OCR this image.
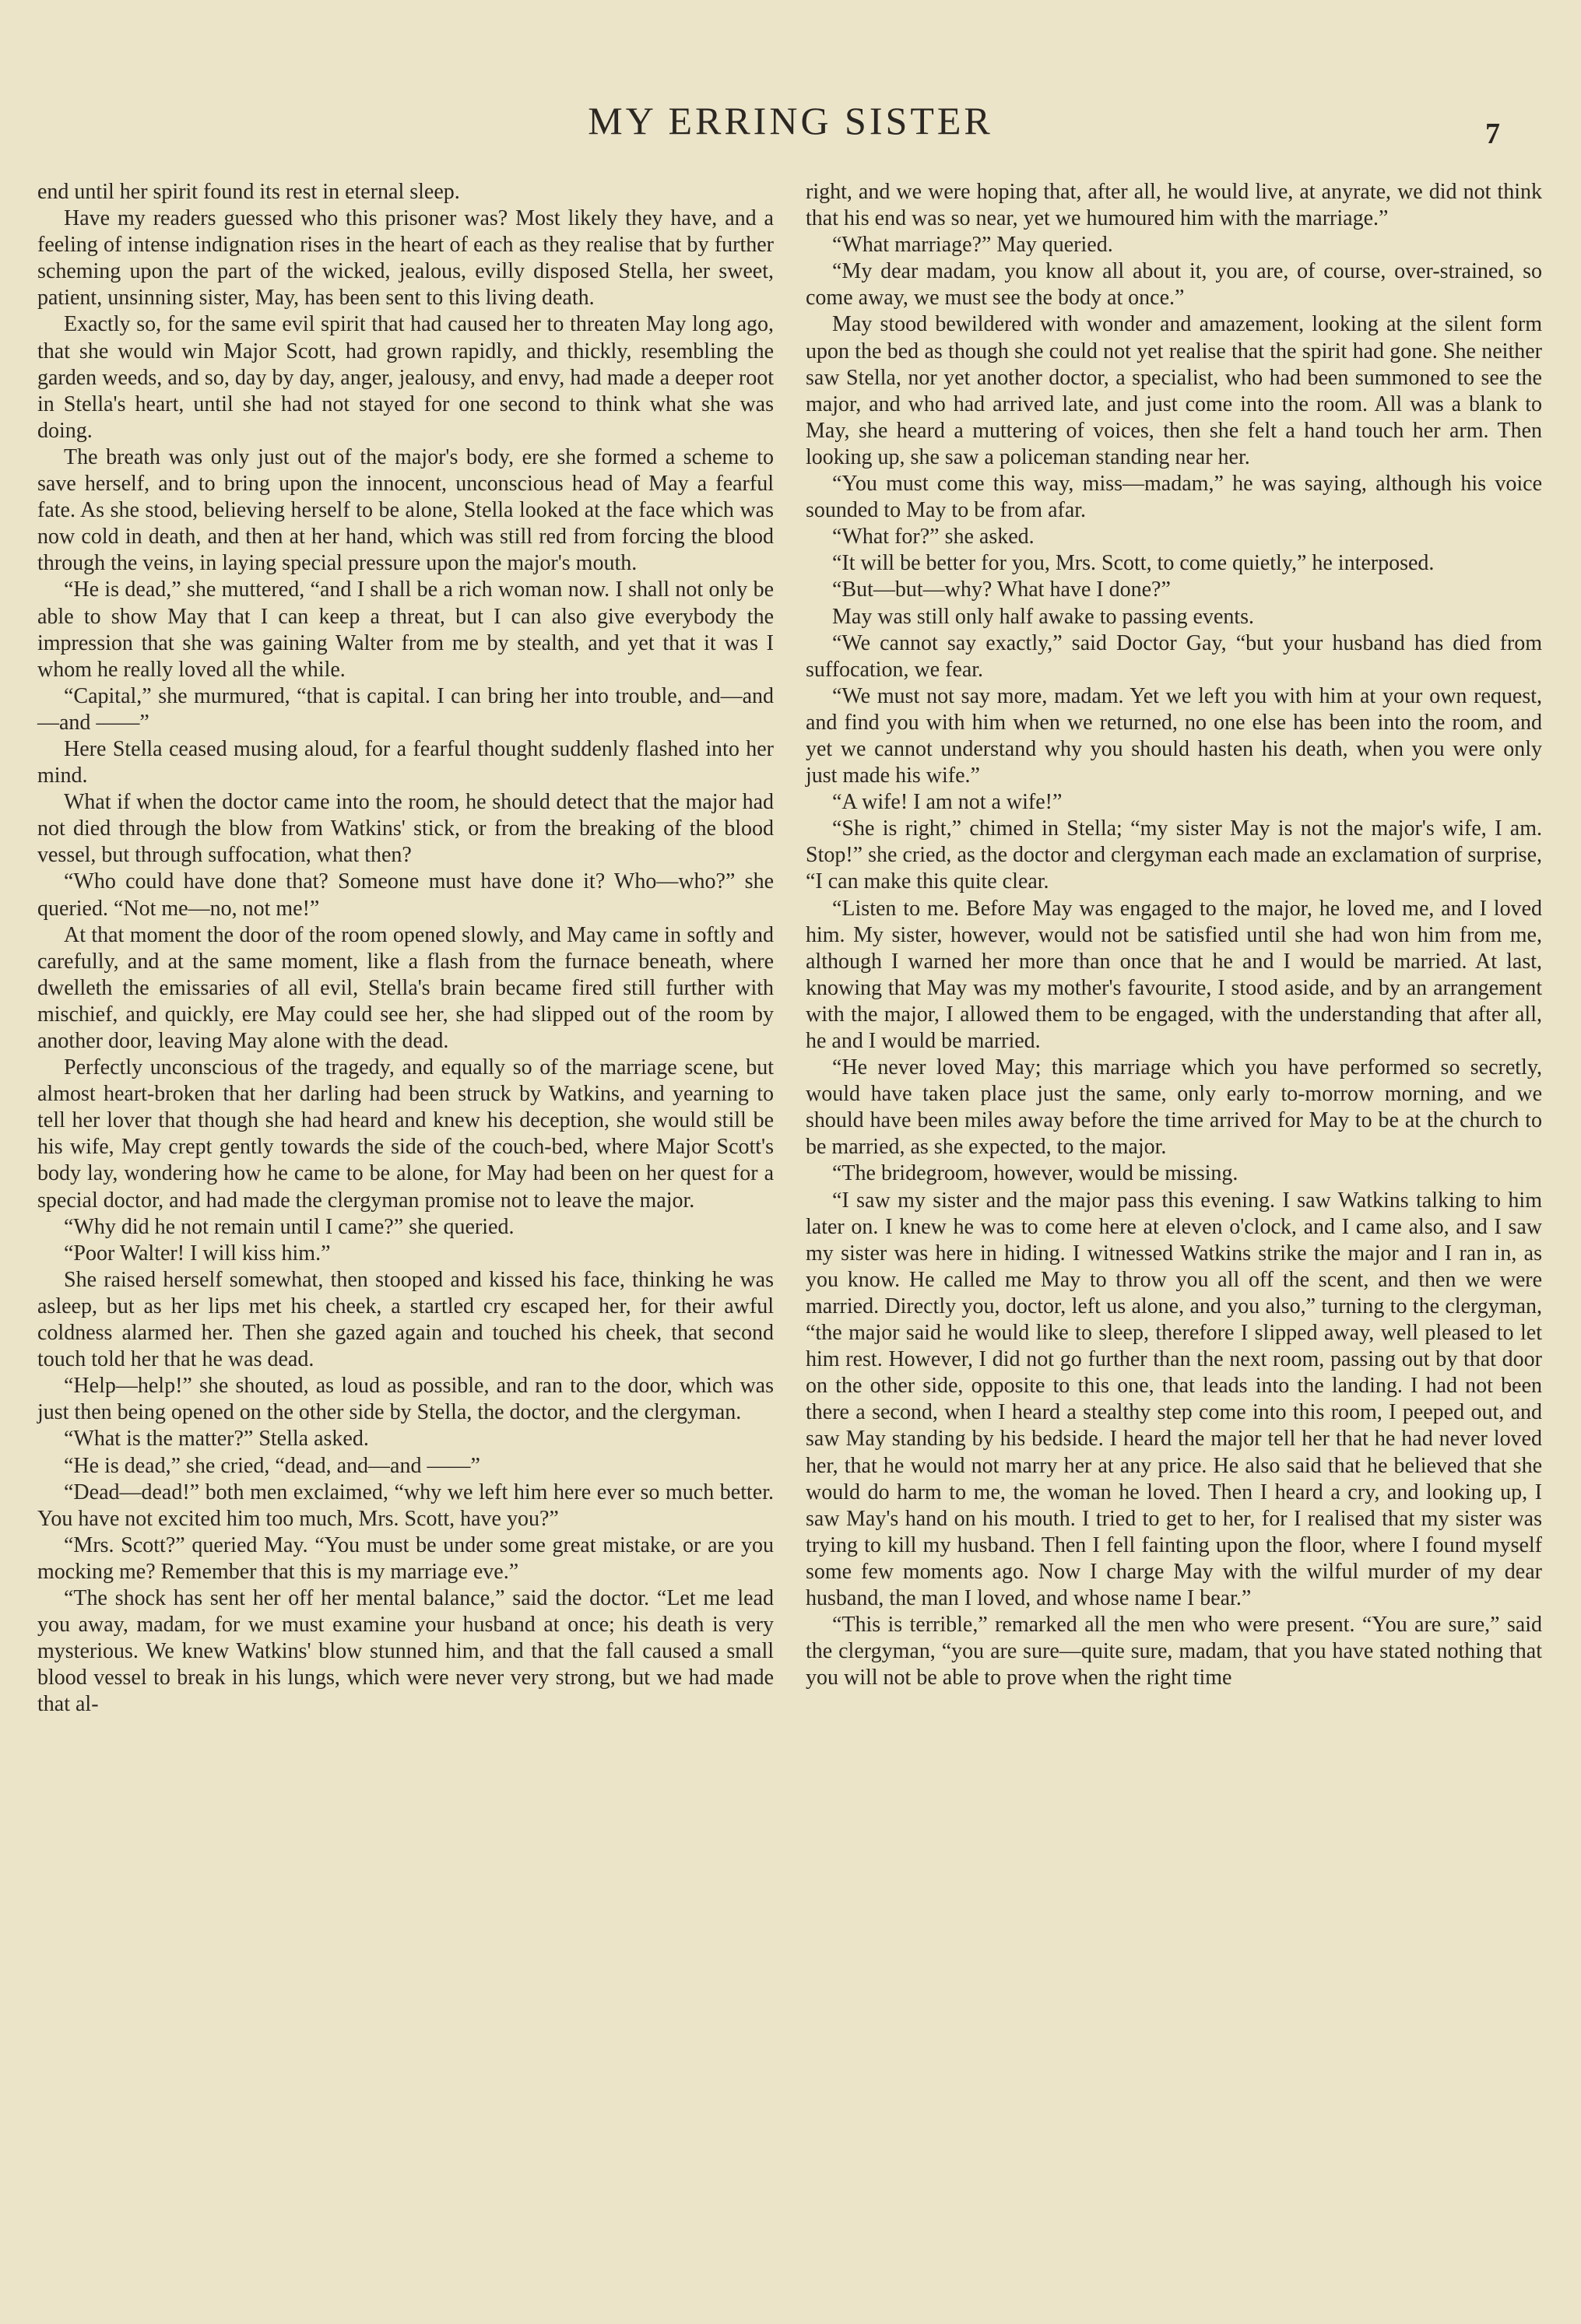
MY ERRING SISTER	7

end until her spirit found its rest in eternal sleep.

Have my readers guessed who this prisoner was? Most likely they have, and a feeling of intense indignation rises in the heart of each as they realise that by further scheming upon the part of the wicked, jealous, evilly disposed Stella, her sweet, patient, unsinning sister, May, has been sent to this living death.

Exactly so, for the same evil spirit that had caused her to threaten May long ago, that she would win Major Scott, had grown rapidly, and thickly, resembling the garden weeds, and so, day by day, anger, jealousy, and envy, had made a deeper root in Stella's heart, until she had not stayed for one second to think what she was doing.

The breath was only just out of the major's body, ere she formed a scheme to save herself, and to bring upon the innocent, unconscious head of May a fearful fate. As she stood, believing herself to be alone, Stella looked at the face which was now cold in death, and then at her hand, which was still red from forcing the blood through the veins, in laying special pressure upon the major's mouth.

“He is dead,” she muttered, “and I shall be a rich woman now. I shall not only be able to show May that I can keep a threat, but I can also give everybody the impression that she was gaining Walter from me by stealth, and yet that it was I whom he really loved all the while.

“Capital,” she murmured, “that is capital. I can bring her into trouble, and—and—and ——”

Here Stella ceased musing aloud, for a fearful thought suddenly flashed into her mind.

What if when the doctor came into the room, he should detect that the major had not died through the blow from Watkins' stick, or from the breaking of the blood vessel, but through suffocation, what then?

“Who could have done that? Someone must have done it? Who—who?” she queried. “Not me—no, not me!”

At that moment the door of the room opened slowly, and May came in softly and carefully, and at the same moment, like a flash from the furnace beneath, where dwelleth the emissaries of all evil, Stella's brain became fired still further with mischief, and quickly, ere May could see her, she had slipped out of the room by another door, leaving May alone with the dead.

Perfectly unconscious of the tragedy, and equally so of the marriage scene, but almost heart-broken that her darling had been struck by Watkins, and yearning to tell her lover that though she had heard and knew his deception, she would still be his wife, May crept gently towards the side of the couch-bed, where Major Scott's body lay, wondering how he came to be alone, for May had been on her quest for a special doctor, and had made the clergyman promise not to leave the major.

“Why did he not remain until I came?” she queried.

“Poor Walter! I will kiss him.”

She raised herself somewhat, then stooped and kissed his face, thinking he was asleep, but as her lips met his cheek, a startled cry escaped her, for their awful coldness alarmed her. Then she gazed again and touched his cheek, that second touch told her that he was dead.

“Help—help!” she shouted, as loud as possible, and ran to the door, which was just then being opened on the other side by Stella, the doctor, and the clergyman.

“What is the matter?” Stella asked.

“He is dead,” she cried, “dead, and—and ——”

“Dead—dead!” both men exclaimed, “why we left him here ever so much better. You have not excited him too much, Mrs. Scott, have you?”

“Mrs. Scott?” queried May. “You must be under some great mistake, or are you mocking me? Remember that this is my marriage eve.”

“The shock has sent her off her mental balance,” said the doctor. “Let me lead you away, madam, for we must examine your husband at once; his death is very mysterious. We knew Watkins' blow stunned him, and that the fall caused a small blood vessel to break in his lungs, which were never very strong, but we had made that al-

right, and we were hoping that, after all, he would live, at anyrate, we did not think that his end was so near, yet we humoured him with the marriage.”

“What marriage?” May queried.

“My dear madam, you know all about it, you are, of course, over-strained, so come away, we must see the body at once.”

May stood bewildered with wonder and amazement, looking at the silent form upon the bed as though she could not yet realise that the spirit had gone. She neither saw Stella, nor yet another doctor, a specialist, who had been summoned to see the major, and who had arrived late, and just come into the room. All was a blank to May, she heard a muttering of voices, then she felt a hand touch her arm. Then looking up, she saw a policeman standing near her.

“You must come this way, miss—madam,” he was saying, although his voice sounded to May to be from afar.

“What for?” she asked.

“It will be better for you, Mrs. Scott, to come quietly,” he interposed.

“But—but—why? What have I done?”

May was still only half awake to passing events.

“We cannot say exactly,” said Doctor Gay, “but your husband has died from suffocation, we fear.

“We must not say more, madam. Yet we left you with him at your own request, and find you with him when we returned, no one else has been into the room, and yet we cannot understand why you should hasten his death, when you were only just made his wife.”

“A wife! I am not a wife!”

“She is right,” chimed in Stella; “my sister May is not the major's wife, I am. Stop!” she cried, as the doctor and clergyman each made an exclamation of surprise, “I can make this quite clear.

“Listen to me. Before May was engaged to the major, he loved me, and I loved him. My sister, however, would not be satisfied until she had won him from me, although I warned her more than once that he and I would be married. At last, knowing that May was my mother's favourite, I stood aside, and by an arrangement with the major, I allowed them to be engaged, with the understanding that after all, he and I would be married.

“He never loved May; this marriage which you have performed so secretly, would have taken place just the same, only early to-morrow morning, and we should have been miles away before the time arrived for May to be at the church to be married, as she expected, to the major.

“The bridegroom, however, would be missing.

“I saw my sister and the major pass this evening. I saw Watkins talking to him later on. I knew he was to come here at eleven o'clock, and I came also, and I saw my sister was here in hiding. I witnessed Watkins strike the major and I ran in, as you know. He called me May to throw you all off the scent, and then we were married. Directly you, doctor, left us alone, and you also,” turning to the clergyman, “the major said he would like to sleep, therefore I slipped away, well pleased to let him rest. However, I did not go further than the next room, passing out by that door on the other side, opposite to this one, that leads into the landing. I had not been there a second, when I heard a stealthy step come into this room, I peeped out, and saw May standing by his bedside. I heard the major tell her that he had never loved her, that he would not marry her at any price. He also said that he believed that she would do harm to me, the woman he loved. Then I heard a cry, and looking up, I saw May's hand on his mouth. I tried to get to her, for I realised that my sister was trying to kill my husband. Then I fell fainting upon the floor, where I found myself some few moments ago. Now I charge May with the wilful murder of my dear husband, the man I loved, and whose name I bear.”

“This is terrible,” remarked all the men who were present. “You are sure,” said the clergyman, “you are sure—quite sure, madam, that you have stated nothing that you will not be able to prove when the right time
